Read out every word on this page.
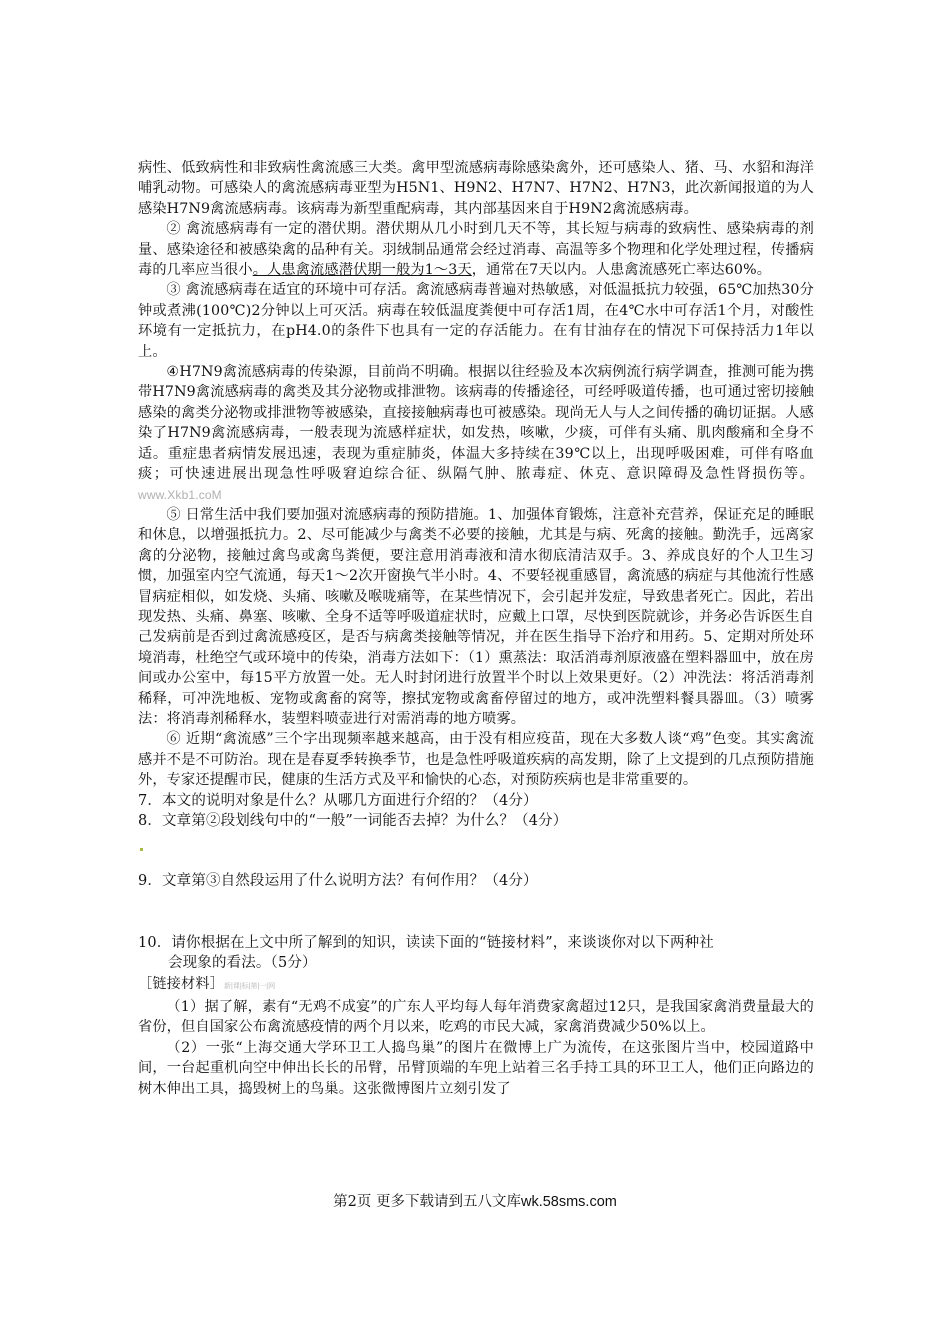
病性、低致病性和非致病性禽流感三大类。禽甲型流感病毒除感染禽外，还可感染人、猪、马、水貂和海洋哺乳动物。可感染人的禽流感病毒亚型为H5N1、H9N2、H7N7、H7N2、H7N3，此次新闻报道的为人感染H7N9禽流感病毒。该病毒为新型重配病毒，其内部基因来自于H9N2禽流感病毒。

② 禽流感病毒有一定的潜伏期。潜伏期从几小时到几天不等，其长短与病毒的致病性、感染病毒的剂量、感染途径和被感染禽的品种有关。羽绒制品通常会经过消毒、高温等多个物理和化学处理过程，传播病毒的几率应当很小。人患禽流感潜伏期一般为1～3天，通常在7天以内。人患禽流感死亡率达60%。

③ 禽流感病毒在适宜的环境中可存活。禽流感病毒普遍对热敏感，对低温抵抗力较强，65℃加热30分钟或煮沸(100℃)2分钟以上可灭活。病毒在较低温度粪便中可存活1周，在4℃水中可存活1个月，对酸性环境有一定抵抗力，在pH4.0的条件下也具有一定的存活能力。在有甘油存在的情况下可保持活力1年以上。

④H7N9禽流感病毒的传染源，目前尚不明确。根据以往经验及本次病例流行病学调查，推测可能为携带H7N9禽流感病毒的禽类及其分泌物或排泄物。该病毒的传播途径，可经呼吸道传播，也可通过密切接触感染的禽类分泌物或排泄物等被感染，直接接触病毒也可被感染。现尚无人与人之间传播的确切证据。人感染了H7N9禽流感病毒，一般表现为流感样症状，如发热，咳嗽，少痰，可伴有头痛、肌肉酸痛和全身不适。重症患者病情发展迅速，表现为重症肺炎，体温大多持续在39℃以上，出现呼吸困难，可伴有咯血痰；可快速进展出现急性呼吸窘迫综合征、纵隔气肿、脓毒症、休克、意识障碍及急性肾损伤等。www.Xkb1.coM

⑤ 日常生活中我们要加强对流感病毒的预防措施。1、加强体育锻炼，注意补充营养，保证充足的睡眠和休息，以增强抵抗力。2、尽可能减少与禽类不必要的接触，尤其是与病、死禽的接触。勤洗手，远离家禽的分泌物，接触过禽鸟或禽鸟粪便，要注意用消毒液和清水彻底清洁双手。3、养成良好的个人卫生习惯，加强室内空气流通，每天1～2次开窗换气半小时。4、不要轻视重感冒，禽流感的病症与其他流行性感冒病症相似，如发烧、头痛、咳嗽及喉咙痛等，在某些情况下，会引起并发症，导致患者死亡。因此，若出现发热、头痛、鼻塞、咳嗽、全身不适等呼吸道症状时，应戴上口罩，尽快到医院就诊，并务必告诉医生自己发病前是否到过禽流感疫区，是否与病禽类接触等情况，并在医生指导下治疗和用药。5、定期对所处环境消毒，杜绝空气或环境中的传染，消毒方法如下：（1）熏蒸法：取活消毒剂原液盛在塑料器皿中，放在房间或办公室中，每15平方放置一处。无人时封闭进行放置半个时以上效果更好。（2）冲洗法：将活消毒剂稀释，可冲洗地板、宠物或禽畜的窝等，擦拭宠物或禽畜停留过的地方，或冲洗塑料餐具器皿。（3）喷雾法：将消毒剂稀释水，装塑料喷壶进行对需消毒的地方喷雾。

⑥ 近期“禽流感”三个字出现频率越来越高，由于没有相应疫苗，现在大多数人谈“鸡”色变。其实禽流感并不是不可防治。现在是春夏季转换季节，也是急性呼吸道疾病的高发期，除了上文提到的几点预防措施外，专家还提醒市民，健康的生活方式及平和愉快的心态，对预防疾病也是非常重要的。

7．本文的说明对象是什么？从哪几方面进行介绍的？（4分）

8．文章第②段划线句中的“一般”一词能否去掉？为什么？（4分）

9．文章第③自然段运用了什么说明方法？有何作用？（4分）

10．请你根据在上文中所了解到的知识，读读下面的“链接材料”，来谈谈你对以下两种社

会现象的看法。（5分）

［链接材料］新|课|标|第|一|网

（1）据了解，素有“无鸡不成宴”的广东人平均每人每年消费家禽超过12只，是我国家禽消费量最大的省份，但自国家公布禽流感疫情的两个月以来，吃鸡的市民大减，家禽消费减少50%以上。

（2）一张“上海交通大学环卫工人捣鸟巢”的图片在微博上广为流传，在这张图片当中，校园道路中间，一台起重机向空中伸出长长的吊臂，吊臂顶端的车兜上站着三名手持工具的环卫工人，他们正向路边的树木伸出工具，捣毁树上的鸟巢。这张微博图片立刻引发了

第2页 更多下载请到五八文库wk.58sms.com
